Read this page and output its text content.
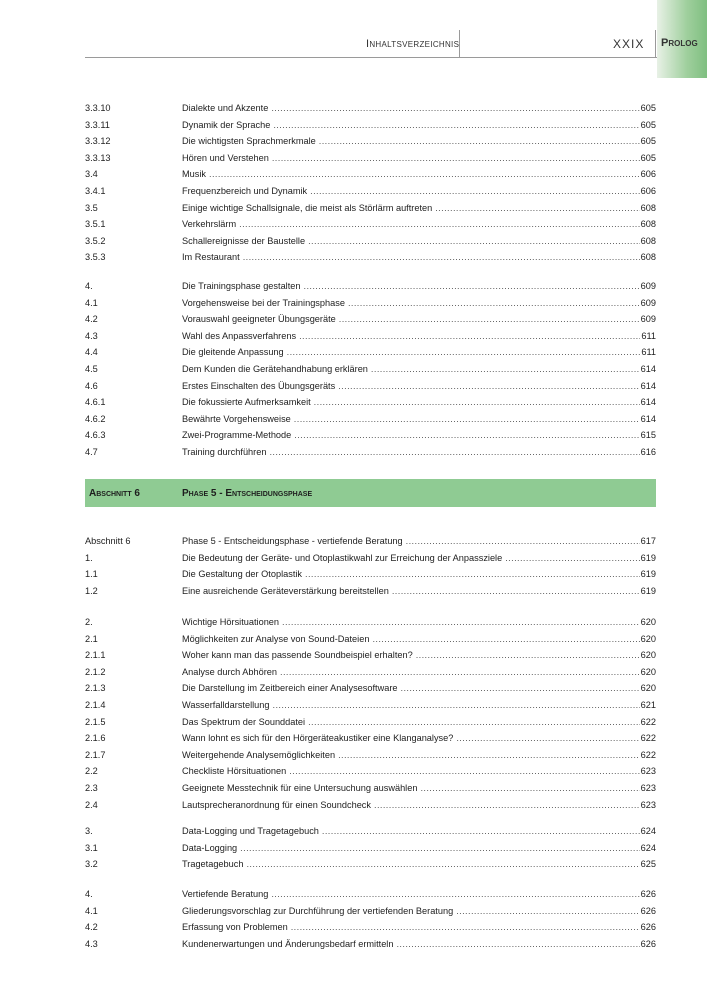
Inhaltsverzeichnis	XXIX Prolog
3.3.10	Dialekte und Akzente .....	605
3.3.11	Dynamik der Sprache .....	605
3.3.12	Die wichtigsten Sprachmerkmale .....	605
3.3.13	Hören und Verstehen .....	605
3.4	Musik .....	606
3.4.1	Frequenzbereich und Dynamik .....	606
3.5	Einige wichtige Schallsignale, die meist als Störlärm auftreten .....	608
3.5.1	Verkehrslärm .....	608
3.5.2	Schallereignisse der Baustelle .....	608
3.5.3	Im Restaurant .....	608
4.	Die Trainingsphase gestalten .....	609
4.1	Vorgehensweise bei der Trainingsphase .....	609
4.2	Vorauswahl geeigneter Übungsgeräte .....	609
4.3	Wahl des Anpassverfahrens .....	611
4.4	Die gleitende Anpassung .....	611
4.5	Dem Kunden die Gerätehandhabung erklären .....	614
4.6	Erstes Einschalten des Übungsgeräts .....	614
4.6.1	Die fokussierte Aufmerksamkeit .....	614
4.6.2	Bewährte Vorgehensweise .....	614
4.6.3	Zwei-Programme-Methode .....	615
4.7	Training durchführen .....	616
Abschnitt 6	Phase 5 - Entscheidungsphase
Abschnitt 6	Phase 5 - Entscheidungsphase - vertiefende Beratung .....	617
1.	Die Bedeutung der Geräte- und Otoplastikwahl zur Erreichung der Anpassziele .....	619
1.1	Die Gestaltung der Otoplastik .....	619
1.2	Eine ausreichende Geräteverstärkung bereitstellen .....	619
2.	Wichtige Hörsituationen .....	620
2.1	Möglichkeiten zur Analyse von Sound-Dateien .....	620
2.1.1	Woher kann man das passende Soundbeispiel erhalten? .....	620
2.1.2	Analyse durch Abhören .....	620
2.1.3	Die Darstellung im Zeitbereich einer Analysesoftware .....	620
2.1.4	Wasserfalldarstellung .....	621
2.1.5	Das Spektrum der Sounddatei .....	622
2.1.6	Wann lohnt es sich für den Hörgeräteakustiker eine Klanganalyse? .....	622
2.1.7	Weitergehende Analysemöglichkeiten .....	622
2.2	Checkliste Hörsituationen .....	623
2.3	Geeignete Messtechnik für eine Untersuchung auswählen .....	623
2.4	Lautsprecheranordnung für einen Soundcheck .....	623
3.	Data-Logging und Tragetagebuch .....	624
3.1	Data-Logging .....	624
3.2	Tragetagebuch .....	625
4.	Vertiefende Beratung .....	626
4.1	Gliederungsvorschlag zur Durchführung der vertiefenden Beratung .....	626
4.2	Erfassung von Problemen .....	626
4.3	Kundenerwartungen und Änderungsbedarf ermitteln .....	626
